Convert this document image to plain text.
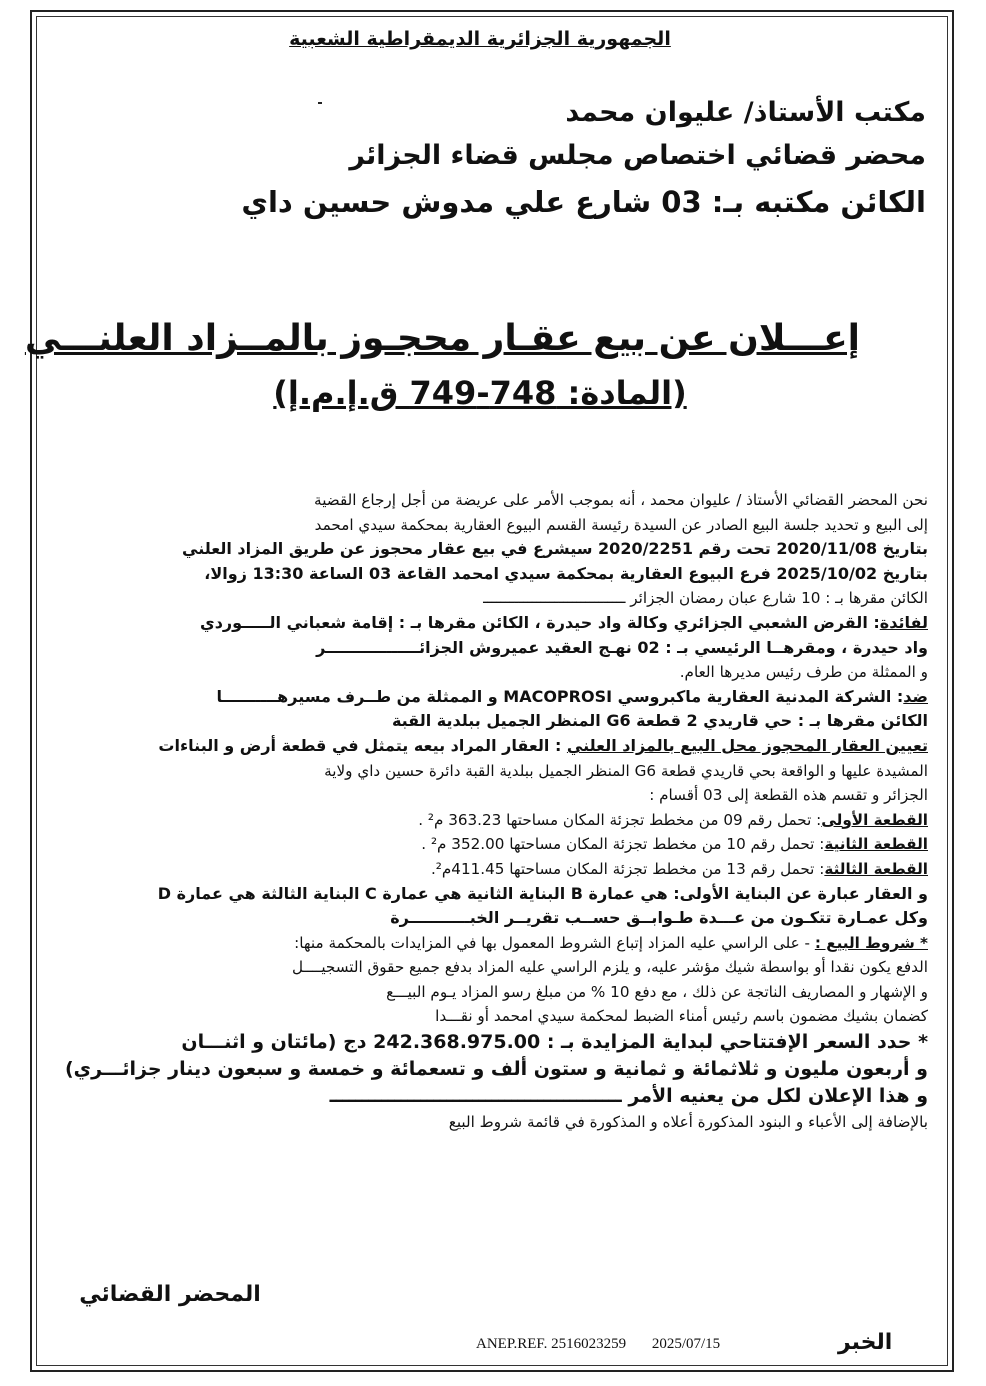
الجمهورية الجزائرية الديمقراطية الشعبية
مكتب الأستاذ/ عليوان محمد
محضر قضائي اختصاص مجلس قضاء الجزائر
الكائن مكتبه بـ: 03 شارع علي مدوش حسين داي
إعـــلان عن بيع عقـار محجـوز بالمــزاد العلنـــي
(المادة: 748-749 ق.إ.م.إ)
نحن المحضر القضائي الأستاذ / عليوان محمد ، أنه بموجب الأمر على عريضة من أجل إرجاع القضية
إلى البيع و تحديد جلسة البيع الصادر عن السيدة رئيسة القسم البيوع العقارية بمحكمة سيدي امحمد
بتاريخ 2020/11/08 تحت رقم 2020/2251 سيشرع في بيع عقار محجوز عن طريق المزاد العلني
بتاريخ 2025/10/02 فرع البيوع العقارية بمحكمة سيدي امحمد القاعة 03 الساعة 13:30 زوالا،
الكائن مقرها بـ : 10 شارع عبان رمضان الجزائر ــــــــــــــــــــــــــــــــ
لفائدة: القرض الشعبي الجزائري وكالة واد حيدرة ، الكائن مقرها بـ : إقامة شعباني الـــــوردي
واد حيدرة ، ومقرهــا الرئيسي بـ : 02 نهـج العقيد عميروش الجزائـــــــــــــــــر
و الممثلة من طرف رئيس مديرها العام.
ضد: الشركة المدنية العقارية ماكبروسي MACOPROSI و الممثلة من طــرف مسيرهــــــــــا
الكائن مقرها بـ : حي قاريدي 2 قطعة G6 المنظر الجميل ببلدية القبة
تعيين العقار المحجوز محل البيع بالمزاد العلني : العقار المراد بيعه يتمثل في قطعة أرض و البناءات
المشيدة عليها و الواقعة بحي قاريدي قطعة G6 المنظر الجميل ببلدية القبة دائرة حسين داي ولاية
الجزائر و تقسم هذه القطعة إلى 03 أقسام :
القطعة الأولى: تحمل رقم 09 من مخطط تجزئة المكان مساحتها 363.23 م² .
القطعة الثانية: تحمل رقم 10 من مخطط تجزئة المكان مساحتها 352.00 م² .
القطعة الثالثة: تحمل رقم 13 من مخطط تجزئة المكان مساحتها 411.45م².
و العقار عبارة عن البناية الأولى: هي عمارة B البناية الثانية هي عمارة C البناية الثالثة هي عمارة D
وكل عمـارة تتكـون من عـــدة طـوابــق حســب تقريــر الخبـــــــــــرة
* شروط البيع : - على الراسي عليه المزاد إتباع الشروط المعمول بها في المزايدات بالمحكمة منها:
الدفع يكون نقدا أو بواسطة شيك مؤشر عليه، و يلزم الراسي عليه المزاد بدفع جميع حقوق التسجيــــل
و الإشهار و المصاريف الناتجة عن ذلك ، مع دفع 10 % من مبلغ رسو المزاد يـوم البيـــع
كضمان بشيك مضمون باسم رئيس أمناء الضبط لمحكمة سيدي امحمد أو نقـــدا
* حدد السعر الإفتتاحي لبداية المزايدة بـ : 242.368.975.00 دج (مائتان و اثنـــان
و أربعون مليون و ثلاثمائة و ثمانية و ستون ألف و تسعمائة و خمسة و سبعون دينار جزائـــري)
و هذا الإعلان لكل من يعنيه الأمر ـــــــــــــــــــــــــــــــــــــــــــــ
بالإضافة إلى الأعباء و البنود المذكورة أعلاه و المذكورة في قائمة شروط البيع
المحضر القضائي
ANEP.REF. 2516023259 2025/07/15	الخبر
